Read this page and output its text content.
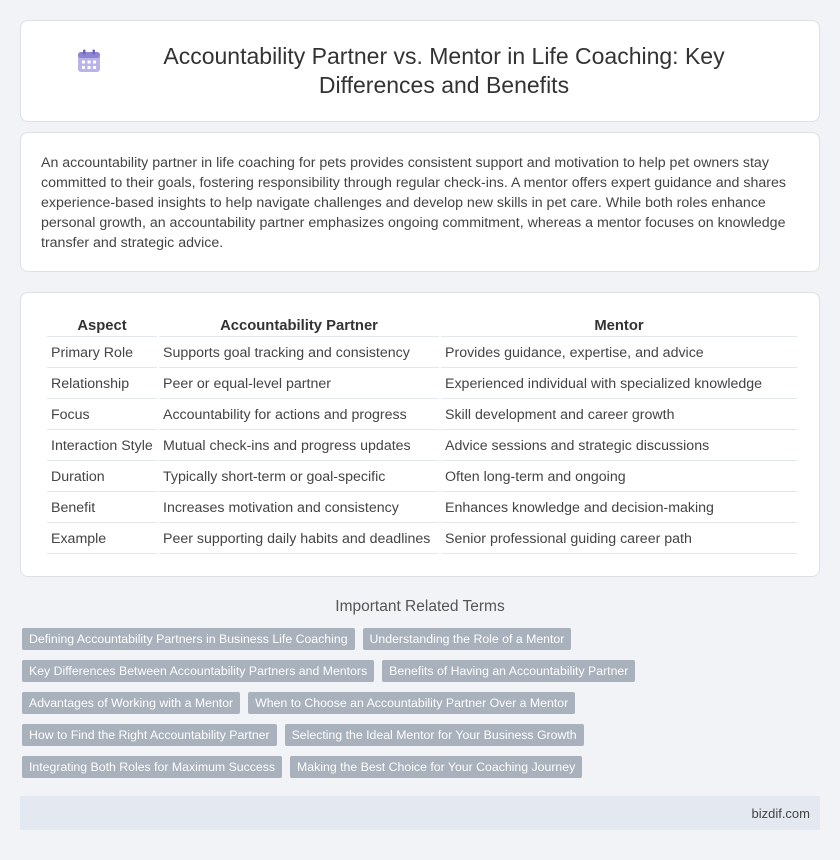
Accountability Partner vs. Mentor in Life Coaching: Key Differences and Benefits

An accountability partner in life coaching for pets provides consistent support and motivation to help pet owners stay committed to their goals, fostering responsibility through regular check-ins. A mentor offers expert guidance and shares experience-based insights to help navigate challenges and develop new skills in pet care. While both roles enhance personal growth, an accountability partner emphasizes ongoing commitment, whereas a mentor focuses on knowledge transfer and strategic advice.

Aspect	Accountability Partner	Mentor
Primary Role	Supports goal tracking and consistency	Provides guidance, expertise, and advice
Relationship	Peer or equal-level partner	Experienced individual with specialized knowledge
Focus	Accountability for actions and progress	Skill development and career growth
Interaction Style	Mutual check-ins and progress updates	Advice sessions and strategic discussions
Duration	Typically short-term or goal-specific	Often long-term and ongoing
Benefit	Increases motivation and consistency	Enhances knowledge and decision-making
Example	Peer supporting daily habits and deadlines	Senior professional guiding career path
Important Related Terms
Defining Accountability Partners in Business Life Coaching	Understanding the Role of a Mentor
Key Differences Between Accountability Partners and Mentors	Benefits of Having an Accountability Partner
Advantages of Working with a Mentor	When to Choose an Accountability Partner Over a Mentor
How to Find the Right Accountability Partner	Selecting the Ideal Mentor for Your Business Growth
Integrating Both Roles for Maximum Success	Making the Best Choice for Your Coaching Journey
bizdif.com
